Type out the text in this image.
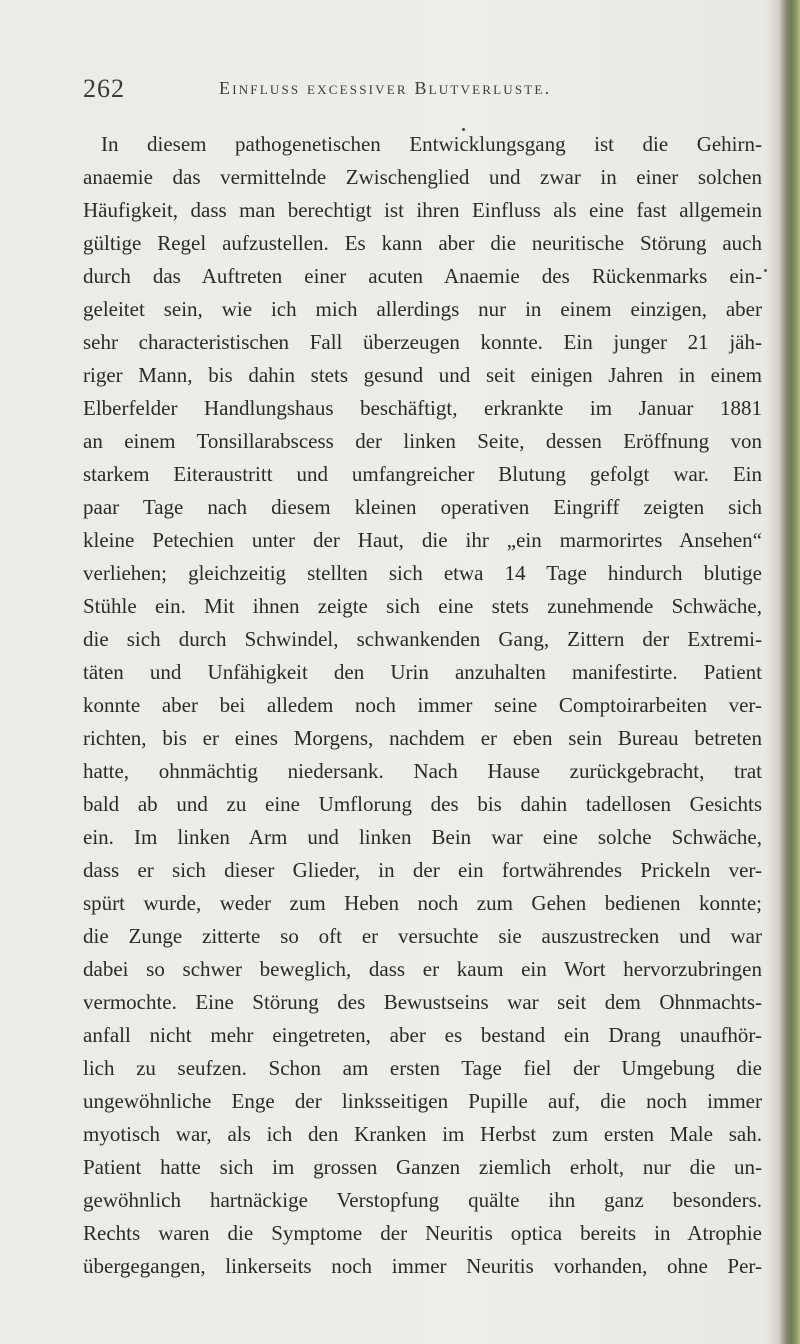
262	Einfluss excessiver Blutverluste.
In diesem pathogenetischen Entwicklungsgang ist die Gehirn-
anaemie das vermittelnde Zwischenglied und zwar in einer solchen
Häufigkeit, dass man berechtigt ist ihren Einfluss als eine fast allgemein
gültige Regel aufzustellen. Es kann aber die neuritische Störung auch
durch das Auftreten einer acuten Anaemie des Rückenmarks ein-
geleitet sein, wie ich mich allerdings nur in einem einzigen, aber
sehr characteristischen Fall überzeugen konnte. Ein junger 21 jäh-
riger Mann, bis dahin stets gesund und seit einigen Jahren in einem
Elberfelder Handlungshaus beschäftigt, erkrankte im Januar 1881
an einem Tonsillarabscess der linken Seite, dessen Eröffnung von
starkem Eiteraustritt und umfangreicher Blutung gefolgt war. Ein
paar Tage nach diesem kleinen operativen Eingriff zeigten sich
kleine Petechien unter der Haut, die ihr „ein marmorirtes Ansehen“
verliehen; gleichzeitig stellten sich etwa 14 Tage hindurch blutige
Stühle ein. Mit ihnen zeigte sich eine stets zunehmende Schwäche,
die sich durch Schwindel, schwankenden Gang, Zittern der Extremi-
täten und Unfähigkeit den Urin anzuhalten manifestirte. Patient
konnte aber bei alledem noch immer seine Comptoirarbeiten ver-
richten, bis er eines Morgens, nachdem er eben sein Bureau betreten
hatte, ohnmächtig niedersank. Nach Hause zurückgebracht, trat
bald ab und zu eine Umflorung des bis dahin tadellosen Gesichts
ein. Im linken Arm und linken Bein war eine solche Schwäche,
dass er sich dieser Glieder, in der ein fortwährendes Prickeln ver-
spürt wurde, weder zum Heben noch zum Gehen bedienen konnte;
die Zunge zitterte so oft er versuchte sie auszustrecken und war
dabei so schwer beweglich, dass er kaum ein Wort hervorzubringen
vermochte. Eine Störung des Bewustseins war seit dem Ohnmachts-
anfall nicht mehr eingetreten, aber es bestand ein Drang unaufhör-
lich zu seufzen. Schon am ersten Tage fiel der Umgebung die
ungewöhnliche Enge der linksseitigen Pupille auf, die noch immer
myotisch war, als ich den Kranken im Herbst zum ersten Male sah.
Patient hatte sich im grossen Ganzen ziemlich erholt, nur die un-
gewöhnlich hartnäckige Verstopfung quälte ihn ganz besonders.
Rechts waren die Symptome der Neuritis optica bereits in Atrophie
übergegangen, linkerseits noch immer Neuritis vorhanden, ohne Per-
